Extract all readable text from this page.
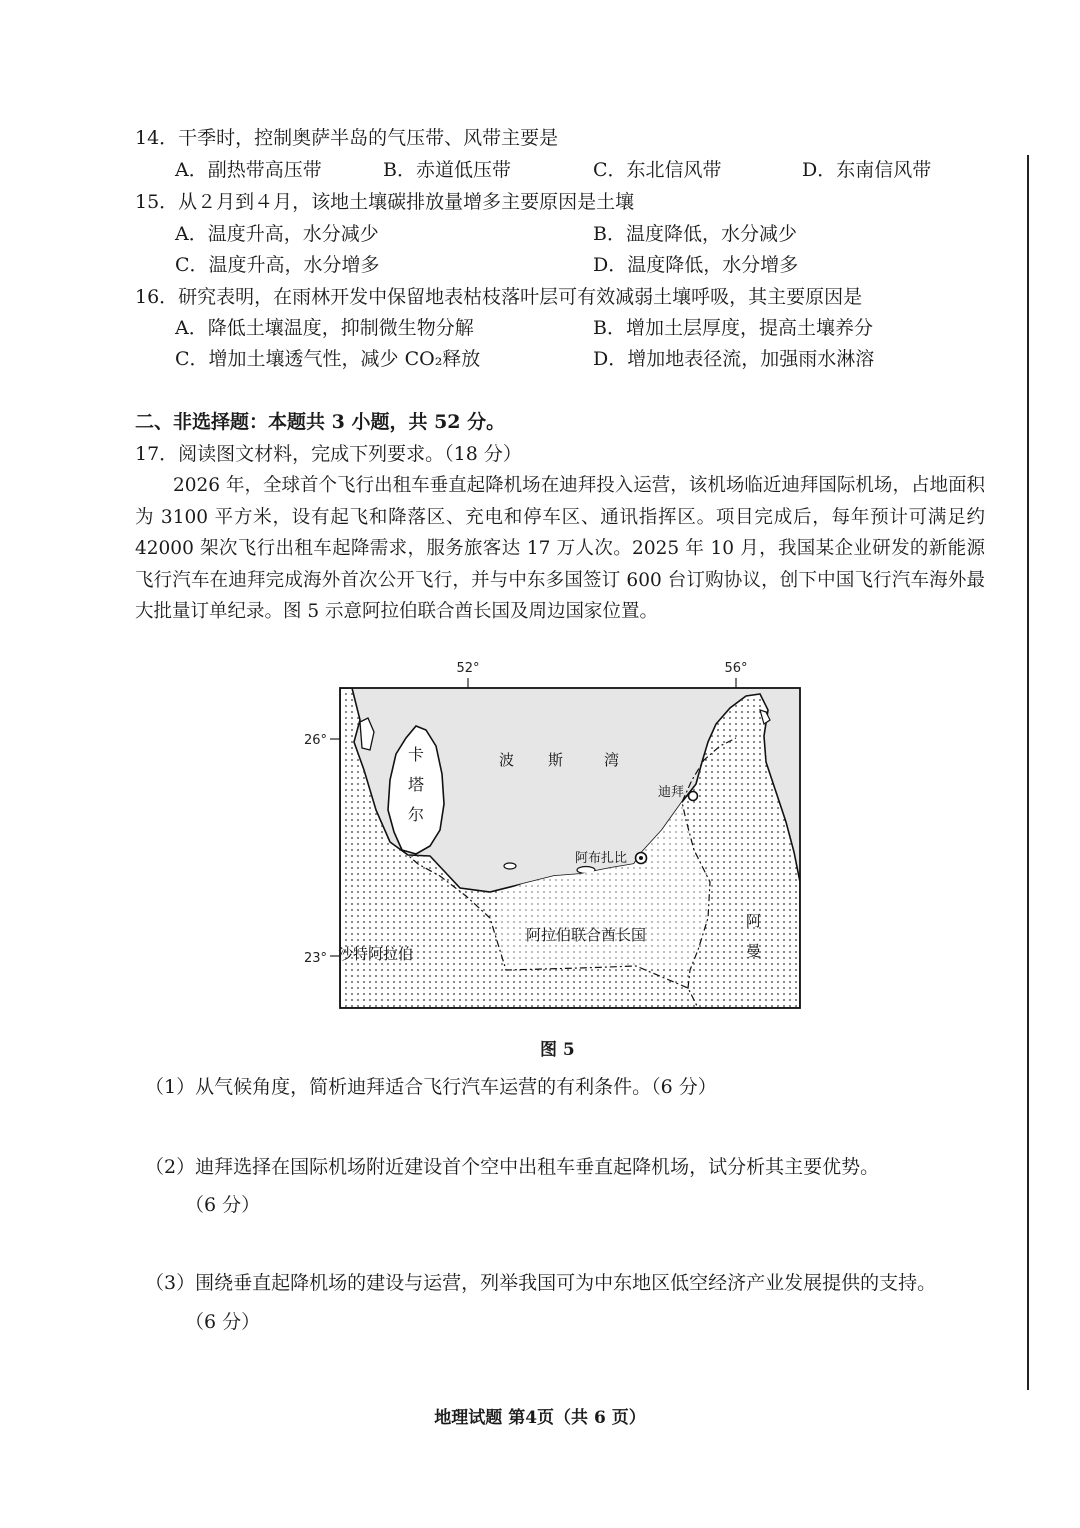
14．干季时，控制奥萨半岛的气压带、风带主要是
A．副热带高压带	B．赤道低压带	C．东北信风带	D．东南信风带
15．从２月到４月，该地土壤碳排放量增多主要原因是土壤
A．温度升高，水分减少	B．温度降低，水分减少
C．温度升高，水分增多	D．温度降低，水分增多
16．研究表明，在雨林开发中保留地表枯枝落叶层可有效减弱土壤呼吸，其主要原因是
A．降低土壤温度，抑制微生物分解	B．增加土层厚度，提高土壤养分
C．增加土壤透气性，减少 CO₂释放	D．增加地表径流，加强雨水淋溶
二、非选择题：本题共 3 小题，共 52 分。
17．阅读图文材料，完成下列要求。（18 分）
2026 年，全球首个飞行出租车垂直起降机场在迪拜投入运营，该机场临近迪拜国际机场，占地面积为 3100 平方米，设有起飞和降落区、充电和停车区、通讯指挥区。项目完成后，每年预计可满足约 42000 架次飞行出租车起降需求，服务旅客达 17 万人次。2025 年 10 月，我国某企业研发的新能源飞行汽车在迪拜完成海外首次公开飞行，并与中东多国签订 600 台订购协议，创下中国飞行汽车海外最大批量订单纪录。图 5 示意阿拉伯联合酋长国及周边国家位置。
52°	56°
26°
23°
卡
塔
尔
波 斯	湾
迪拜
阿布扎比
阿拉伯联合酋长国
沙特阿拉伯
阿
曼
图 5
（1）从气候角度，简析迪拜适合飞行汽车运营的有利条件。（6 分）
（2）迪拜选择在国际机场附近建设首个空中出租车垂直起降机场，试分析其主要优势。
（6 分）
（3）围绕垂直起降机场的建设与运营，列举我国可为中东地区低空经济产业发展提供的支持。
（6 分）
地理试题 第4页（共 6 页）
